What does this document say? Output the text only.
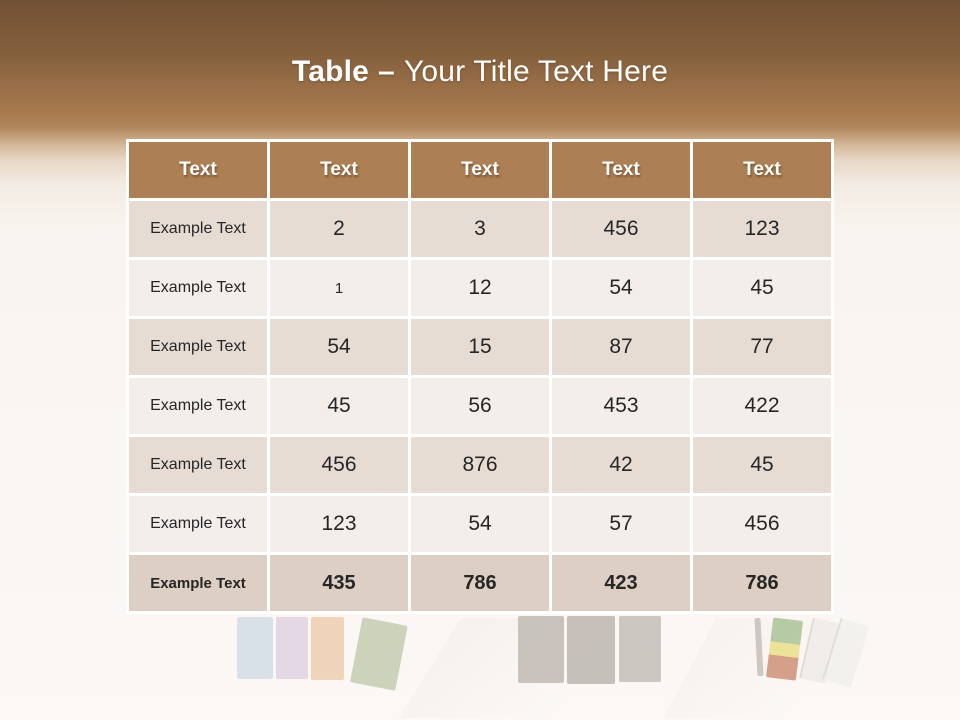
Table – Your Title Text Here
Text	Text	Text	Text	Text
Example Text	2	3	456	123
Example Text	1	12	54	45
Example Text	54	15	87	77
Example Text	45	56	453	422
Example Text	456	876	42	45
Example Text	123	54	57	456
Example Text	435	786	423	786
